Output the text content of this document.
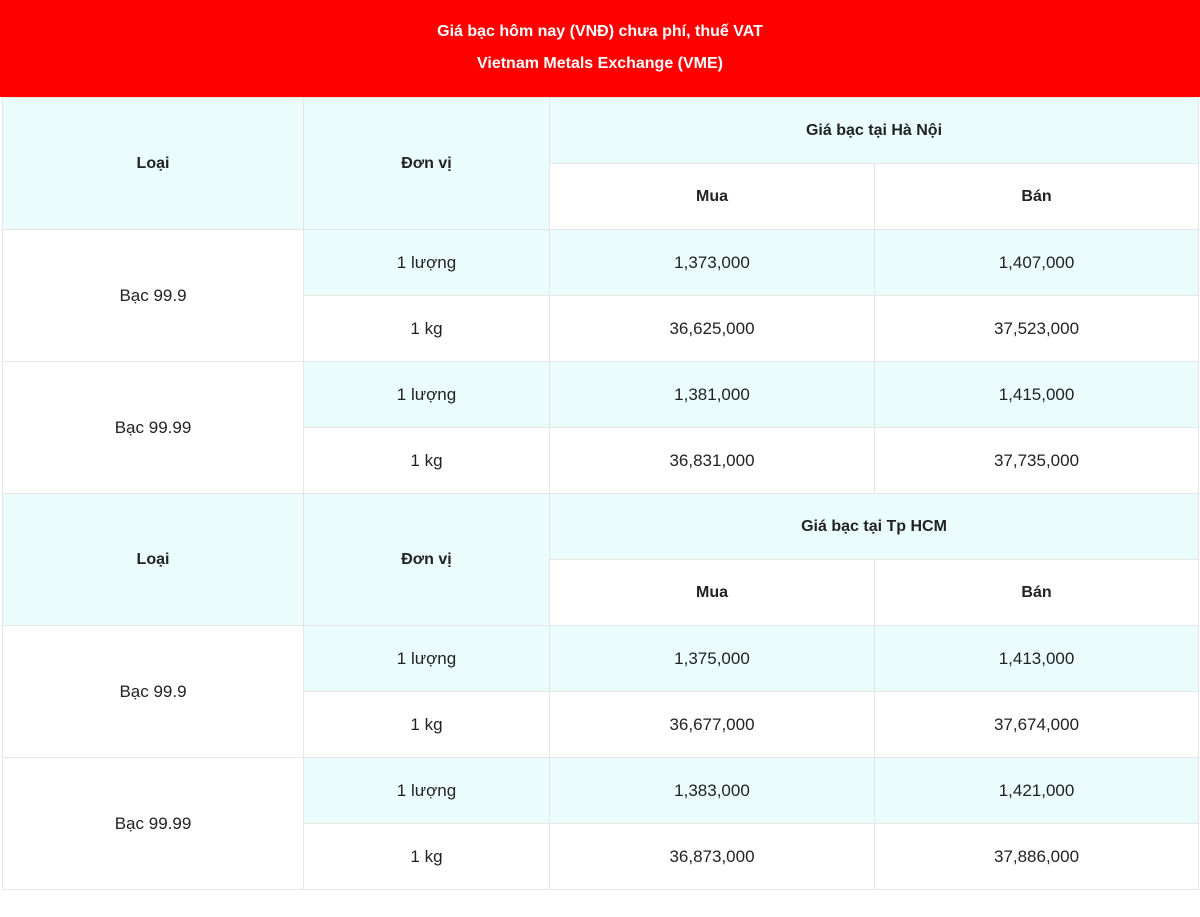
Giá bạc hôm nay (VNĐ) chưa phí, thuế VAT
Vietnam Metals Exchange (VME)
Loại	Đơn vị	Giá bạc tại Hà Nội	
		Mua	Bán
Bạc 99.9	1 lượng	1,373,000	1,407,000
	1 kg	36,625,000	37,523,000
Bạc 99.99	1 lượng	1,381,000	1,415,000
	1 kg	36,831,000	37,735,000
Loại	Đơn vị	Giá bạc tại Tp HCM	
		Mua	Bán
Bạc 99.9	1 lượng	1,375,000	1,413,000
	1 kg	36,677,000	37,674,000
Bạc 99.99	1 lượng	1,383,000	1,421,000
	1 kg	36,873,000	37,886,000
